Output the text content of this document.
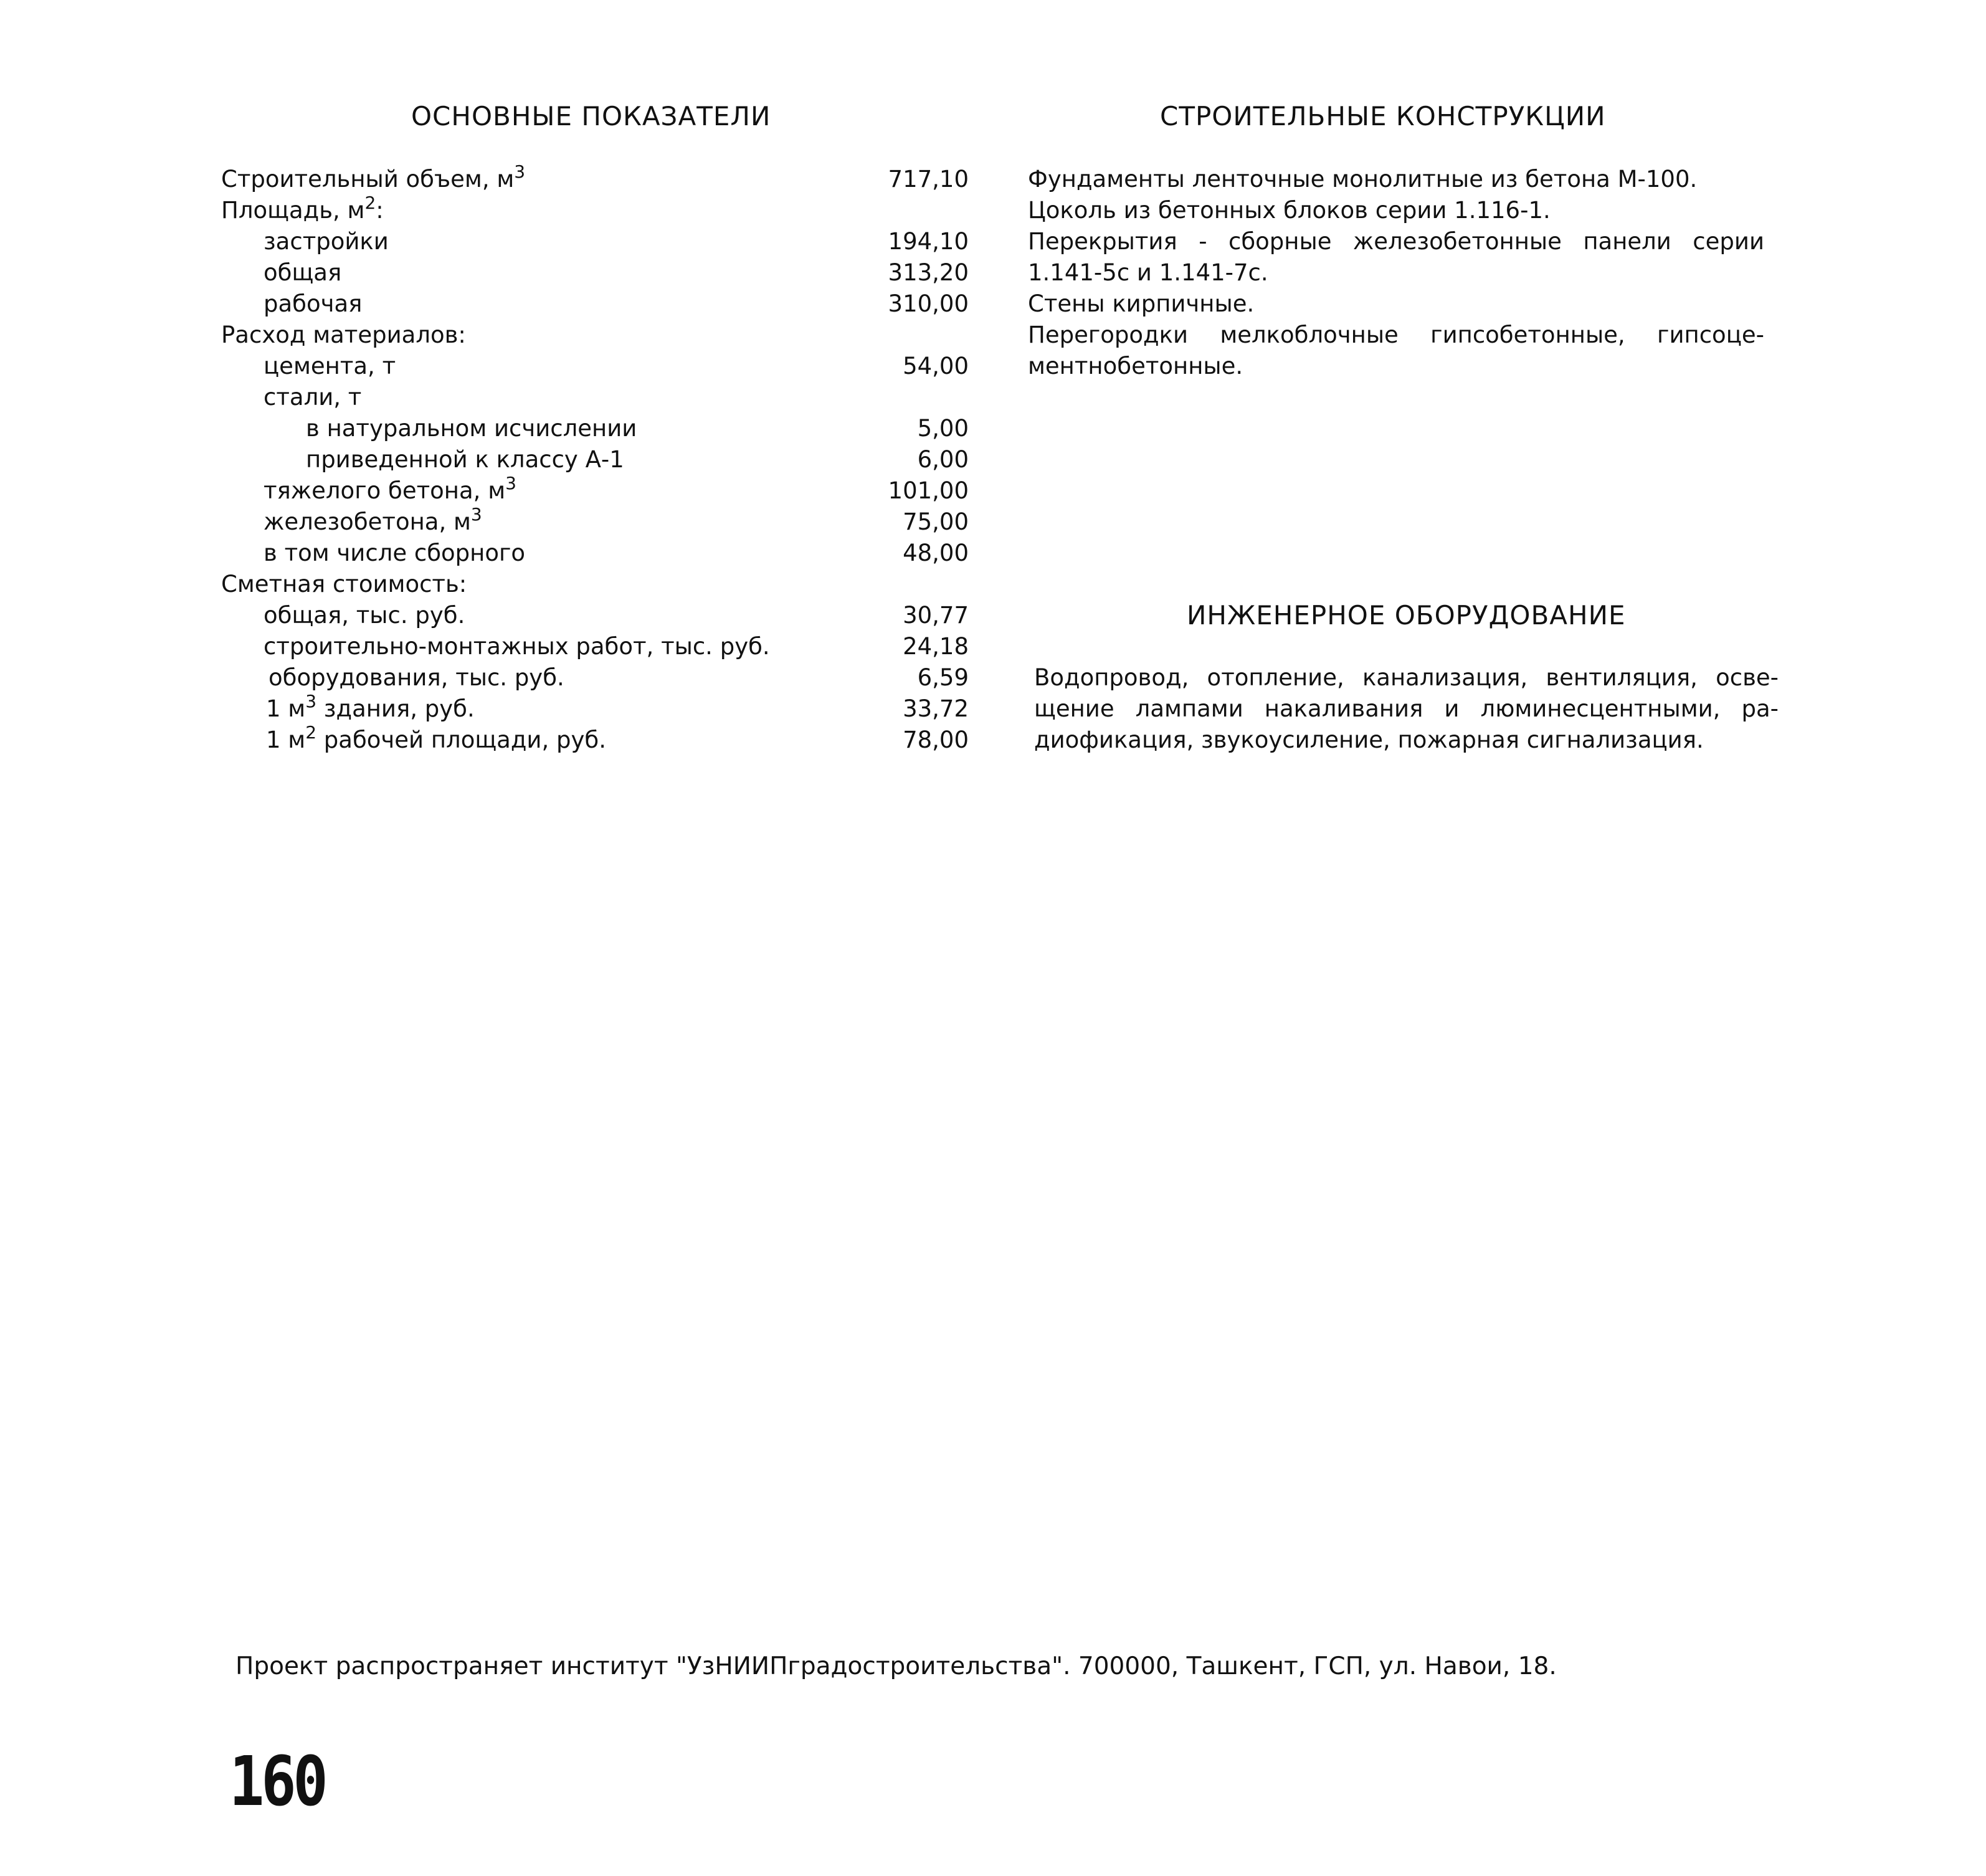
ОСНОВНЫЕ ПОКАЗАТЕЛИ
Строительный объем, $м^3$	717,10
Площадь, $м^2$:
застройки	194,10
общая	313,20
рабочая	310,00
Расход материалов:
цемента, т	54,00
стали, т
в натуральном исчислении	5,00
приведенной к классу А-1	6,00
тяжелого бетона, $м^3$	101,00
железобетона, $м^3$	75,00
в том числе сборного	48,00
Сметная стоимость:
общая, тыс. руб.	30,77
строительно-монтажных работ, тыс. руб.	24,18
оборудования, тыс. руб.	6,59
1 $м^3$ здания, руб.	33,72
1 $м^2$ рабочей площади, руб.	78,00
СТРОИТЕЛЬНЫЕ КОНСТРУКЦИИ
Фундаменты ленточные монолитные из бетона М-100.
Цоколь из бетонных блоков серии 1.116-1.
Перекрытия - сборные железобетонные панели серии
1.141-5с и 1.141-7с.
Стены кирпичные.
Перегородки мелкоблочные гипсобетонные, гипсоце-
ментнобетонные.
ИНЖЕНЕРНОЕ ОБОРУДОВАНИЕ
Водопровод, отопление, канализация, вентиляция, осве-
щение лампами накаливания и люминесцентными, ра-
диофикация, звукоусиление, пожарная сигнализация.
Проект распространяет институт "УзНИИПградостроительства". 700000, Ташкент, ГСП, ул. Навои, 18.
160
